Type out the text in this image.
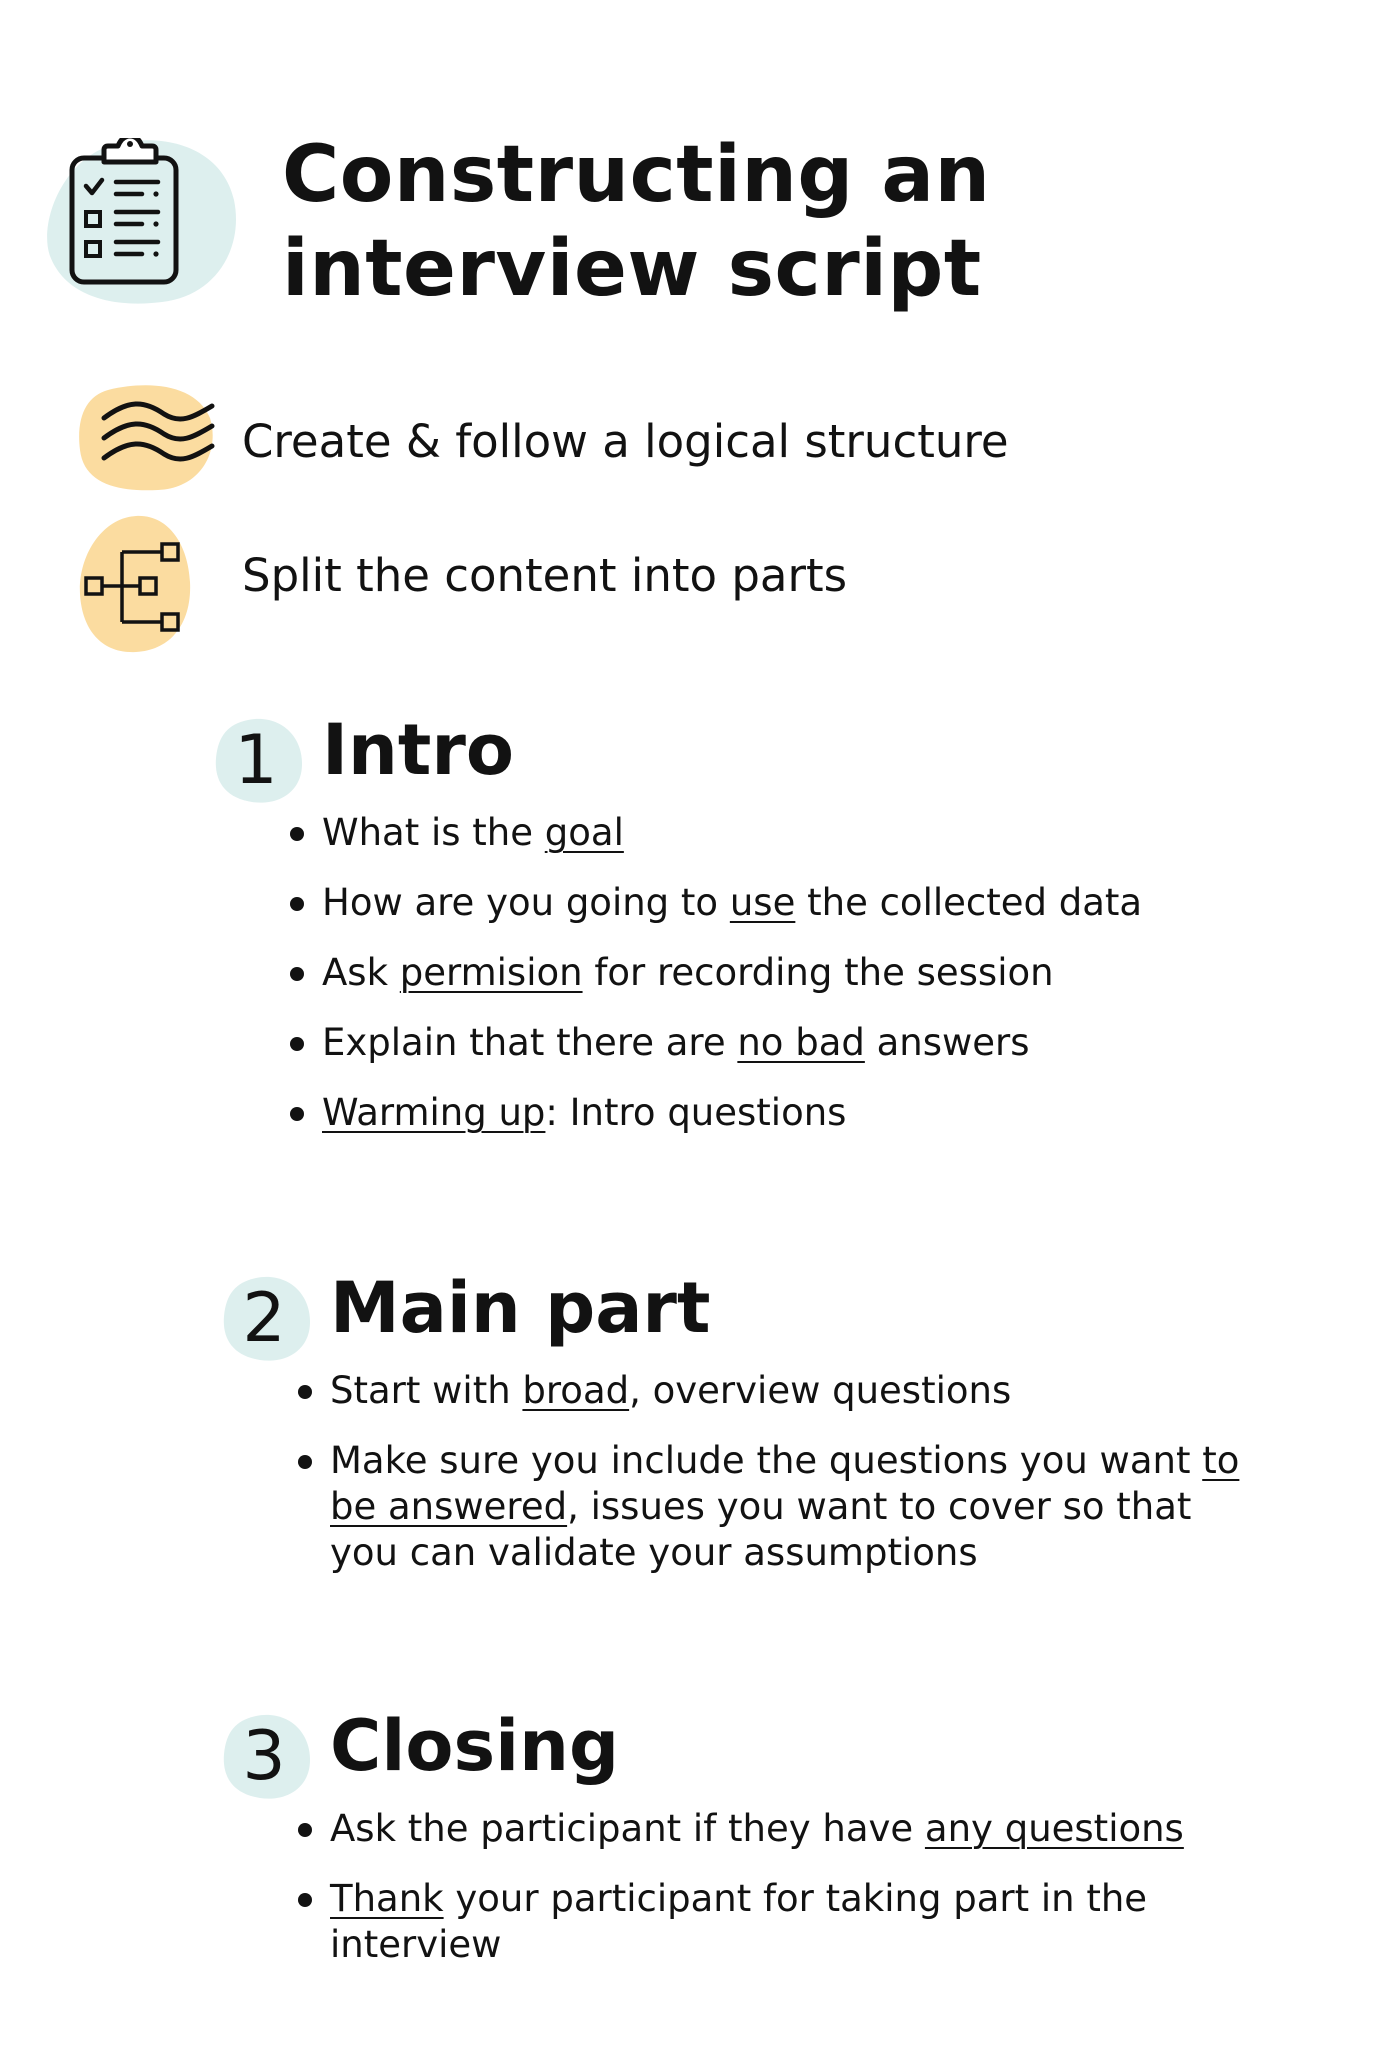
Constructing an
interview script
Create & follow a logical structure
Split the content into parts
1 Intro
What is the goal
How are you going to use the collected data
Ask permision for recording the session
Explain that there are no bad answers
Warming up: Intro questions
2 Main part
Start with broad, overview questions
Make sure you include the questions you want to be answered, issues you want to cover so that you can validate your assumptions
3 Closing
Ask the participant if they have any questions
Thank your participant for taking part in the interview
